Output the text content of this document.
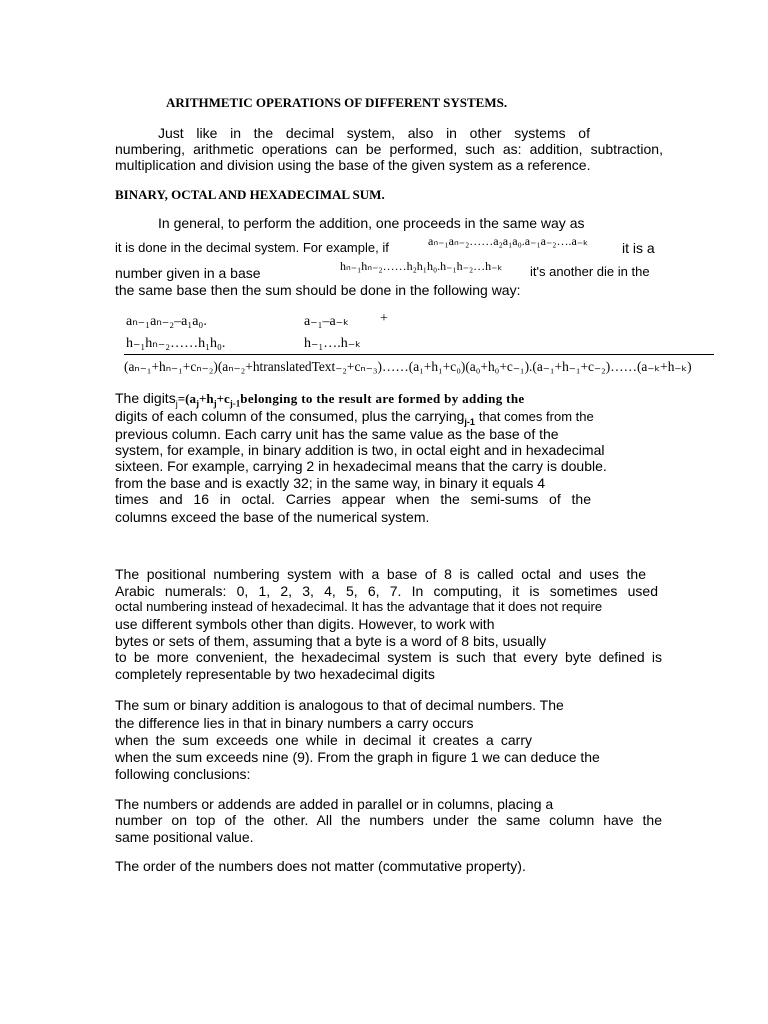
ARITHMETIC OPERATIONS OF DIFFERENT SYSTEMS.
Just like in the decimal system, also in other systems of
numbering, arithmetic operations can be performed, such as: addition, subtraction,
multiplication and division using the base of the given system as a reference.
BINARY, OCTAL AND HEXADECIMAL SUM.
In general, to perform the addition, one proceeds in the same way as
it is done in the decimal system. For example, if	aₙ₋₁aₙ₋₂……a₂a₁a₀.a₋₁a₋₂….a₋ₖ it is a
number given in a base	hₙ₋₁hₙ₋₂……h₂h₁h₀.h₋₁h₋₂…h₋ₖ it's another die in the
the same base then the sum should be done in the following way:
aₙ₋₁aₙ₋₂–a₁a₀.	a₋₁–a₋ₖ +
h₋₁hₙ₋₂……h₁h₀.	h₋₁….h₋ₖ
(aₙ₋₁+hₙ₋₁+cₙ₋₂)(aₙ₋₂+htranslatedText₋₂+cₙ₋₃)……(a₁+h₁+c₀)(a₀+h₀+c₋₁).(a₋₁+h₋₁+c₋₂)……(a₋ₖ+h₋ₖ)
The $digits_j=(a_j+h_j+c_{j-1}belonging$ to the result are formed by adding the
digits of each column of the consumed, plus the carrying$_{j-1}$ that comes from the
previous column. Each carry unit has the same value as the base of the
system, for example, in binary addition is two, in octal eight and in hexadecimal
sixteen. For example, carrying 2 in hexadecimal means that the carry is double.
from the base and is exactly 32; in the same way, in binary it equals 4
times and 16 in octal. Carries appear when the semi-sums of the
columns exceed the base of the numerical system.
The positional numbering system with a base of 8 is called octal and uses the
Arabic numerals: 0, 1, 2, 3, 4, 5, 6, 7. In computing, it is sometimes used
octal numbering instead of hexadecimal. It has the advantage that it does not require
use different symbols other than digits. However, to work with
bytes or sets of them, assuming that a byte is a word of 8 bits, usually
to be more convenient, the hexadecimal system is such that every byte defined is
completely representable by two hexadecimal digits
The sum or binary addition is analogous to that of decimal numbers. The
the difference lies in that in binary numbers a carry occurs
when the sum exceeds one while in decimal it creates a carry
when the sum exceeds nine (9). From the graph in figure 1 we can deduce the
following conclusions:
The numbers or addends are added in parallel or in columns, placing a
number on top of the other. All the numbers under the same column have the
same positional value.
The order of the numbers does not matter (commutative property).
